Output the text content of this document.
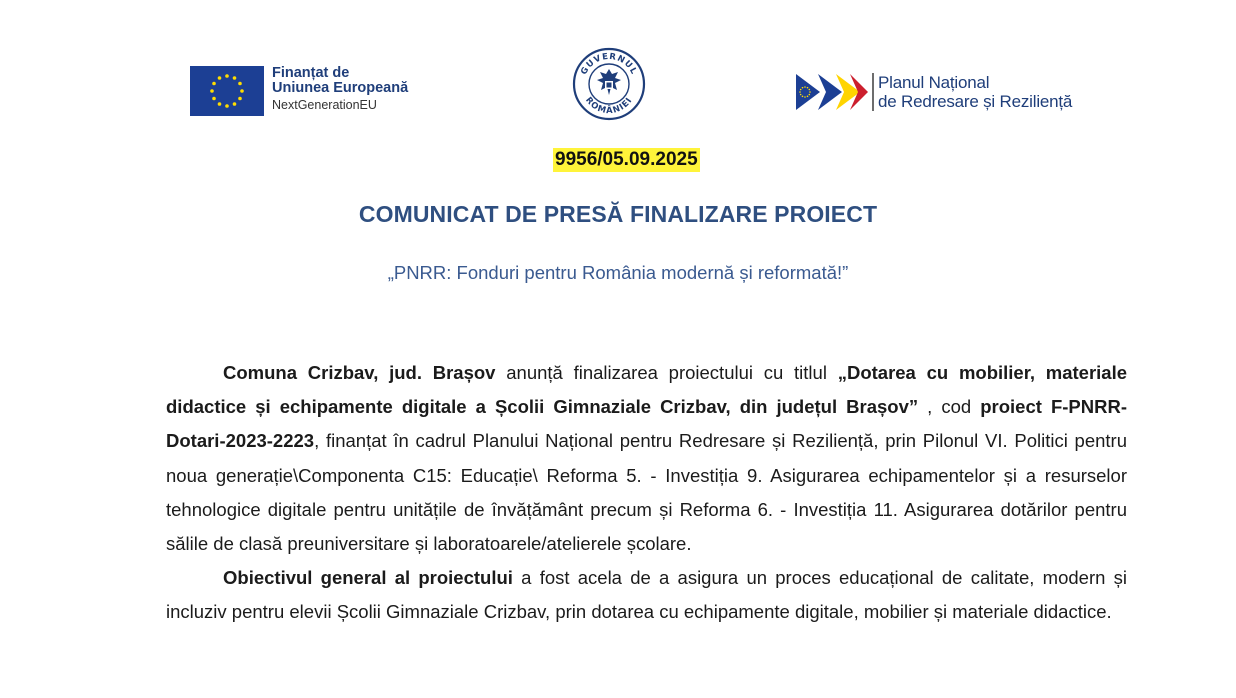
Finanțat de
Uniunea Europeană
NextGenerationEU
GUVERNUL
ROMÂNIEI
Planul Național
de Redresare și Reziliență
9956/05.09.2025
COMUNICAT DE PRESĂ FINALIZARE PROIECT
„PNRR: Fonduri pentru România modernă și reformată!”

Comuna Crizbav, jud. Brașov anunță finalizarea proiectului cu titlul „Dotarea cu mobilier, materiale didactice și echipamente digitale a Școlii Gimnaziale Crizbav, din județul Brașov” , cod proiect F-PNRR-Dotari-2023-2223, finanțat în cadrul Planului Național pentru Redresare și Reziliență, prin Pilonul VI. Politici pentru noua generație\Componenta C15: Educație\ Reforma 5. - Investiția 9. Asigurarea echipamentelor și a resurselor tehnologice digitale pentru unitățile de învățământ precum și Reforma 6. - Investiția 11. Asigurarea dotărilor pentru sălile de clasă preuniversitare și laboratoarele/atelierele școlare.

Obiectivul general al proiectului a fost acela de a asigura un proces educațional de calitate, modern și incluziv pentru elevii Școlii Gimnaziale Crizbav, prin dotarea cu echipamente digitale, mobilier și materiale didactice.
